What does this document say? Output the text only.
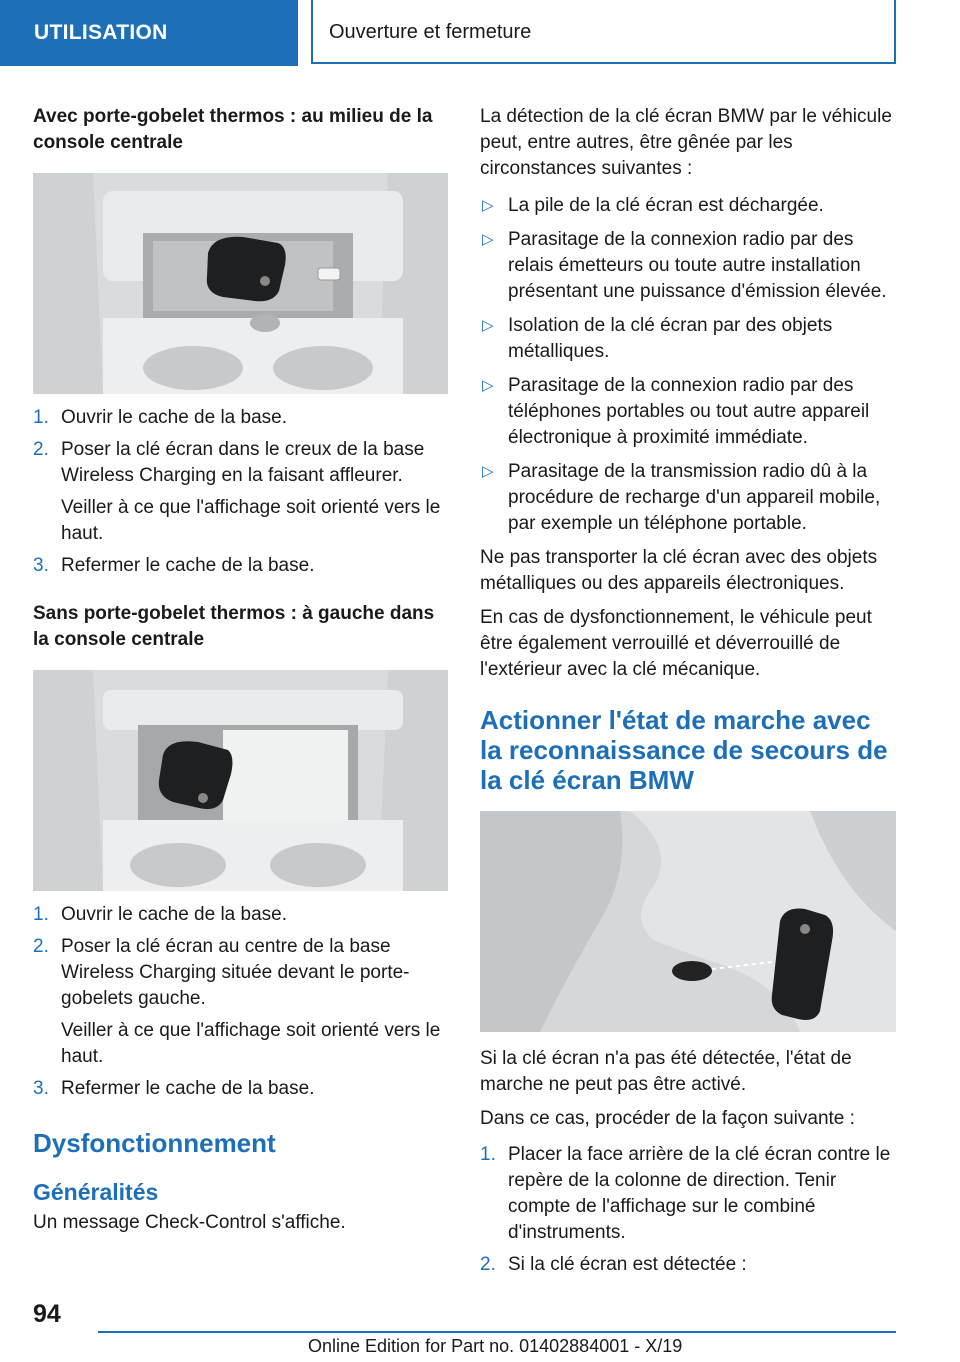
UTILISATION	Ouverture et fermeture

Avec porte-gobelet thermos : au milieu de la console centrale

1. Ouvrir le cache de la base.
2. Poser la clé écran dans le creux de la base Wireless Charging en la faisant affleurer.
Veiller à ce que l'affichage soit orienté vers le haut.
3. Refermer le cache de la base.

Sans porte-gobelet thermos : à gauche dans la console centrale

1. Ouvrir le cache de la base.
2. Poser la clé écran au centre de la base Wireless Charging située devant le porte-gobelets gauche.
Veiller à ce que l'affichage soit orienté vers le haut.
3. Refermer le cache de la base.

Dysfonctionnement

Généralités

Un message Check-Control s'affiche.

La détection de la clé écran BMW par le véhicule peut, entre autres, être gênée par les circonstances suivantes :

▷ La pile de la clé écran est déchargée.
▷ Parasitage de la connexion radio par des relais émetteurs ou toute autre installation présentant une puissance d'émission élevée.
▷ Isolation de la clé écran par des objets métalliques.
▷ Parasitage de la connexion radio par des téléphones portables ou tout autre appareil électronique à proximité immédiate.
▷ Parasitage de la transmission radio dû à la procédure de recharge d'un appareil mobile, par exemple un téléphone portable.

Ne pas transporter la clé écran avec des objets métalliques ou des appareils électroniques.

En cas de dysfonctionnement, le véhicule peut être également verrouillé et déverrouillé de l'extérieur avec la clé mécanique.

Actionner l'état de marche avec la reconnaissance de secours de la clé écran BMW

Si la clé écran n'a pas été détectée, l'état de marche ne peut pas être activé.

Dans ce cas, procéder de la façon suivante :

1. Placer la face arrière de la clé écran contre le repère de la colonne de direction. Tenir compte de l'affichage sur le combiné d'instruments.
2. Si la clé écran est détectée :
94
Online Edition for Part no. 01402884001 - X/19
